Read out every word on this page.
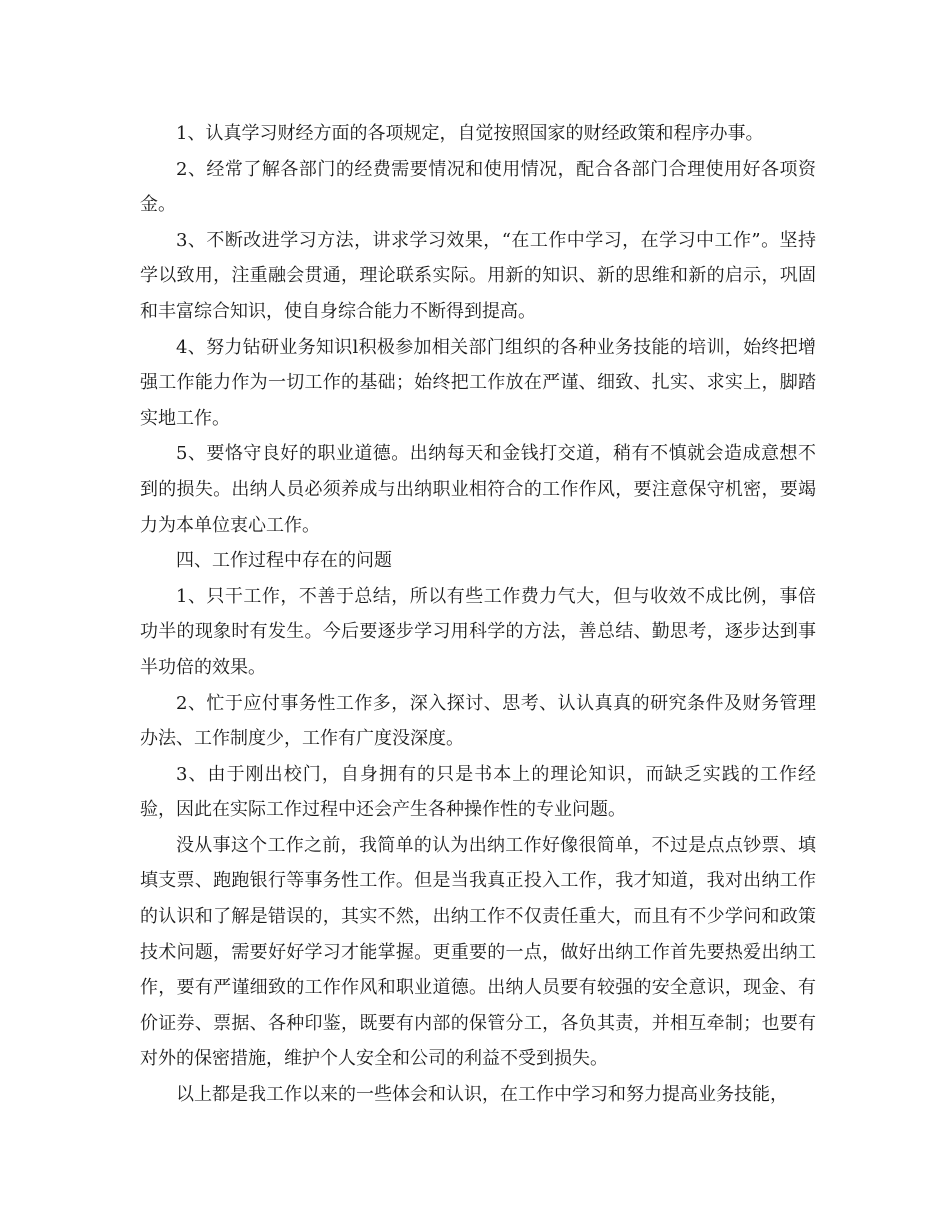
1、认真学习财经方面的各项规定，自觉按照国家的财经政策和程序办事。

2、经常了解各部门的经费需要情况和使用情况，配合各部门合理使用好各项资金。

3、不断改进学习方法，讲求学习效果，“在工作中学习，在学习中工作”。坚持学以致用，注重融会贯通，理论联系实际。用新的知识、新的思维和新的启示，巩固和丰富综合知识，使自身综合能力不断得到提高。

4、努力钻研业务知识l积极参加相关部门组织的各种业务技能的培训，始终把增强工作能力作为一切工作的基础；始终把工作放在严谨、细致、扎实、求实上，脚踏实地工作。

5、要恪守良好的职业道德。出纳每天和金钱打交道，稍有不慎就会造成意想不到的损失。出纳人员必须养成与出纳职业相符合的工作作风，要注意保守机密，要竭力为本单位衷心工作。

四、工作过程中存在的问题

1、只干工作，不善于总结，所以有些工作费力气大，但与收效不成比例，事倍功半的现象时有发生。今后要逐步学习用科学的方法，善总结、勤思考，逐步达到事半功倍的效果。

2、忙于应付事务性工作多，深入探讨、思考、认认真真的研究条件及财务管理办法、工作制度少，工作有广度没深度。

3、由于刚出校门，自身拥有的只是书本上的理论知识，而缺乏实践的工作经验，因此在实际工作过程中还会产生各种操作性的专业问题。

没从事这个工作之前，我简单的认为出纳工作好像很简单，不过是点点钞票、填填支票、跑跑银行等事务性工作。但是当我真正投入工作，我才知道，我对出纳工作的认识和了解是错误的，其实不然，出纳工作不仅责任重大，而且有不少学问和政策技术问题，需要好好学习才能掌握。更重要的一点，做好出纳工作首先要热爱出纳工作，要有严谨细致的工作作风和职业道德。出纳人员要有较强的安全意识，现金、有价证券、票据、各种印鉴，既要有内部的保管分工，各负其责，并相互牵制；也要有对外的保密措施，维护个人安全和公司的利益不受到损失。

以上都是我工作以来的一些体会和认识，在工作中学习和努力提高业务技能，
